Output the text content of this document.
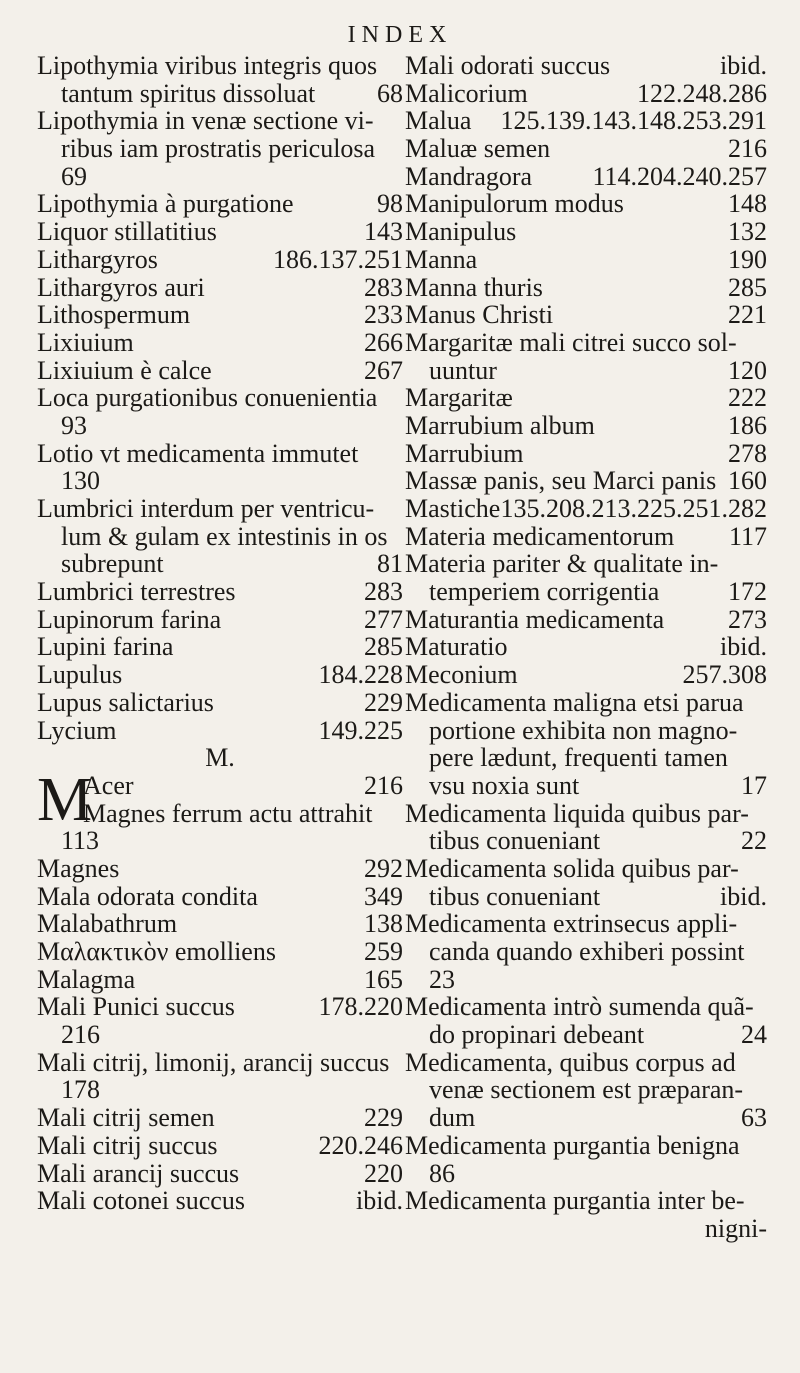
INDEX
Lipothymia viribus integris quos
tantum spiritus dissoluat 68
Lipothymia in venæ sectione vi-
ribus iam prostratis periculosa
69
Lipothymia à purgatione	98
Liquor stillatitius	143
Lithargyros	186.137.251
Lithargyros auri	283
Lithospermum	233
Lixiuium	266
Lixiuium è calce	267
Loca purgationibus conuenientia
93
Lotio vt medicamenta immutet
130
Lumbrici interdum per ventricu-
lum & gulam ex intestinis in os
subrepunt	81
Lumbrici terrestres	283
Lupinorum farina	277
Lupini farina	285
Lupulus	184.228
Lupus salictarius	229
Lycium	149.225
M.
M
Acer	216
Magnes ferrum actu attrahit
113
Magnes	292
Mala odorata condita	349
Malabathrum	138
Μαλακτικὸν emolliens	259
Malagma	165
Mali Punici succus	178.220
216
Mali citrij, limonij, arancij succus
178
Mali citrij semen	229
Mali citrij succus	220.246
Mali arancij succus	220
Mali cotonei succus	ibid.
Mali odorati succus	ibid.
Malicorium	122.248.286
Malua 125.139.143.148.253.291
Maluæ semen	216
Mandragora 114.204.240.257
Manipulorum modus	148
Manipulus	132
Manna	190
Manna thuris	285
Manus Christi	221
Margaritæ mali citrei succo sol-
uuntur	120
Margaritæ	222
Marrubium album	186
Marrubium	278
Massæ panis, seu Marci panis 160
Mastiche 135.208.213.225.251.282
Materia medicamentorum 117
Materia pariter & qualitate in-
temperiem corrigentia	172
Maturantia medicamenta 273
Maturatio	ibid.
Meconium	257.308
Medicamenta maligna etsi parua
portione exhibita non magno-
pere lædunt, frequenti tamen
vsu noxia sunt	17
Medicamenta liquida quibus par-
tibus conueniant	22
Medicamenta solida quibus par-
tibus conueniant	ibid.
Medicamenta extrinsecus appli-
canda quando exhiberi possint
23
Medicamenta intrò sumenda quã-
do propinari debeant	24
Medicamenta, quibus corpus ad
venæ sectionem est præparan-
dum	63
Medicamenta purgantia benigna
86
Medicamenta purgantia inter be-
nigni-
